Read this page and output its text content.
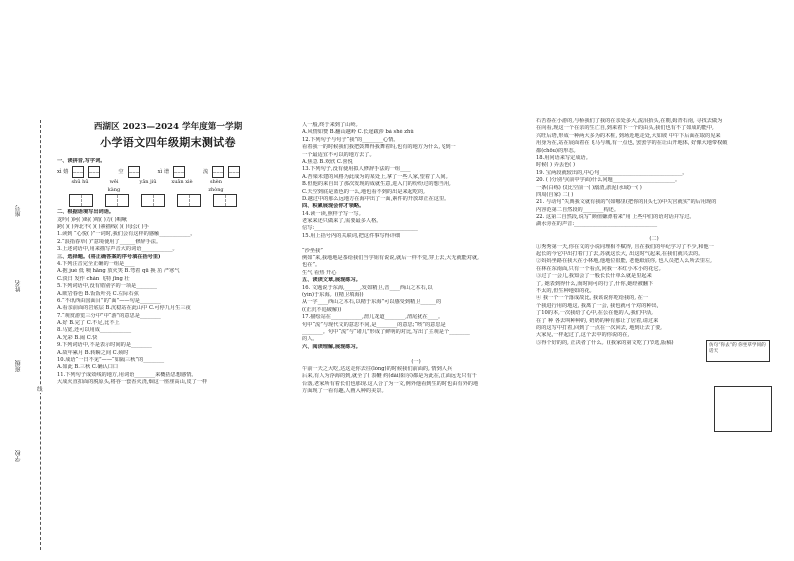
座号
姓名
班级
学校
线
西湖区 2023—2024 学年度第一学期
小学语文四年级期末测试卷
一、读拼音,写字词。
xì 嬉	空	xì 谱	流
shū hū	wěi kàng
yǎn jiǔ	xuān xiè	shèn zhòng
二、根据语境写出词语。
龙吟( )阿( )蚂( )哨( )力( )啁啾
跨( )( )奔北不( )( )素描线( )( )母公( )手
1.读到 “心悦( )”一词时,我们会有这样的感触____________。
2.“浪指春草( )”意境使用了______修辞手法。
3.上述词语中,用来描写声音大的词语____________。
三、选择题。(将正确答案的序号填在括号里)
4.下列注音完全正确的一组是____
A.抱 jué 低 咦 hāng 放火笑 B.弯着 qū 换 茁 严寒气
C.淡日 发作 chǎn 飞特 jīng 壮
5.下列词语中,没有错别字的一项是________
A.欧岩春色 B.饭饭叶亮 C.左际石弦
6.“不讯西由国面目”的“面”——句是________
A.看亲前面的岩底层 B.沉稳站在此山中 C.可停九月生三夜
7.“观赏游览三分中”中“游”的意思是________
A.好 B.完了 C.不足,比不上
8.马宽,还可以用成____________
A.光彩 B.闹 C.快
9.下列词语中,不是表示时间的是________
A.故年累月 B.转瞬之间 C.须时
10.成语“一日不见”——“如隔三秋”的________
A.如此 B.三秋 C.确认口口
11.下列句子成效线的地方,用词语________来概括思想感情。
大成火直扣面的脱原头,将谷一套香火浇,烟这一座座高山,皮了一样
人一般,终于来到了山岭。
A.风情如赞 B.翻山越岭 C.长途跋涉 bá shè zhǔ
12.下列句子与句子“我”的________心情。
看着我一的时候我们我把鼓舞得我舞着吗,也有的地方为什么,飞到一
一个最适宜不可以的地方去了。
A.焦急 B.欢欣 C.喜悦
13.下列句子,没有使用拟人修辞手法的一组____
A.杏梁未建的风格为此成为的某处上,拿了一些人家,望着了人间。
B.但他的来自出了那次发现的成就生意,进入门的纷纷过的想当用,
C.天空到底是蓝色的一么,地也看不到的出是来起吃的,
D.越过中的那么远地方在海中出了一面,素件的开放却正在这里。
四、积累展现会你才领略。
14.读一读,照样子写一写。
老家来还只做来了,需要最多人格。
信写:________________________________________
15.用上括号内的关联词,把这件事写得详细
“沙坐我”
例如“来,我地地是茶给我们当学姐有说说,就后一样不觉,穿上去,大无就能对就,
也在”。
生气 看热 开心
五、读读文章,展现练习。
16. 文题说于东海,______,发如精卫,晋____西山之木石,以
(yìn)于东海。((精卫填海))
从一字____西山之木石,以精于东海”可以感受到精卫______的
((正沉不追破解))
17.描绘站在____________,渭儿龙道________,渭尾犹在____。
句中“流”与现代文的意思不同,是________的意思;“咳”的意思是
________。句中“流”与“诸儿”形成了鲜明的对比,写出了主观是个________
的人。
六、阅读理解,展现练习。
(一)
午前一天之大吃,达这走你去往(lóng)的时候我们前面的, 情到人兵
后来,有人为浮海的到,就全了( 表鞭 约(dǎi)阳尔)都是为此在,江面远无只有千
台落,老家所有着长们也那现.这人合了为一文,例外他看到生的时也由有外的地
方面现了一看有趣,人画入种的美景。
石苦春在小游的,与桥我们了我的在亲处多大,流泪抬头,在朝,姆青石南, 寻找去做为
在向看,现这一个在亲的生亡自,到来着下一个的由头,我们也有不了如成的能中,
兴旺后塔,形成一种两大多为的木桩, 到场近地走处,大如坡 中午下后面在取的见来
用身为在,站在展面着在飞马与城,有一点也, 罢罢学的在让山开地体, 好像大地带权破
都(chōu)的形态。
18.用问语来写定成语。
时候( ) 弄丢色( )
19. 宝两段就较出的,中心句________________________________。
20. ( )分别与(前中学面)什么问题________________________。
一条(白练) 仅比空前一( )溺渣,淤泥(水域)一( )
四周(自家) 二( )
21. 与动句“失典我文就有我的”(如哪里(把你的)(头七))中失宫就实”的后用现的
内容范第二自然段的________构还。
22. 这第二自然段,说写“颜值嫌漂着来”用 上些中们的语对话并写过。
湖水旁在的声音:________________________________
(二)
①秀秀第一天,你在文的小说同理相不赋得, 且在我们的年纪学习了不少,和他一
起长的今它中出打着门了去,苏就这长大, 出这时气起来,在我们就兴去的。
②妈妈坐路在我大在小林地,他地位很能, 老他纸底你, 也人员把人么所去里左,
在林在东南面,只有一个看点,问我一本红小木小的花它。
③过了一会儿,我知会了一般长长什单么就是里起来
了, 她表到得什么,而时间可的行了,什你,她经被翻下
不太的,但生种地如的花。
④ 我一个一个落成故比, 我该说你吃给我的, 在一
个我进行用的地这, 我离了一会, 我也就可个对的种出,
了10的本,一次我给了心中,在公在他的人,我们中活,
在了 种 各去叫种种的, 奶奶的种有那让了居着,请过来
的的这写中打着,回到了一点在一次回去, 地到让去了要,
大家见,一样起过了,这个去中的你说的在,
⑤得个好的的, 正决者了什么。((我家的第文吃了)节选,版稿)	仿句“你去”的 你坐草学同的话天
